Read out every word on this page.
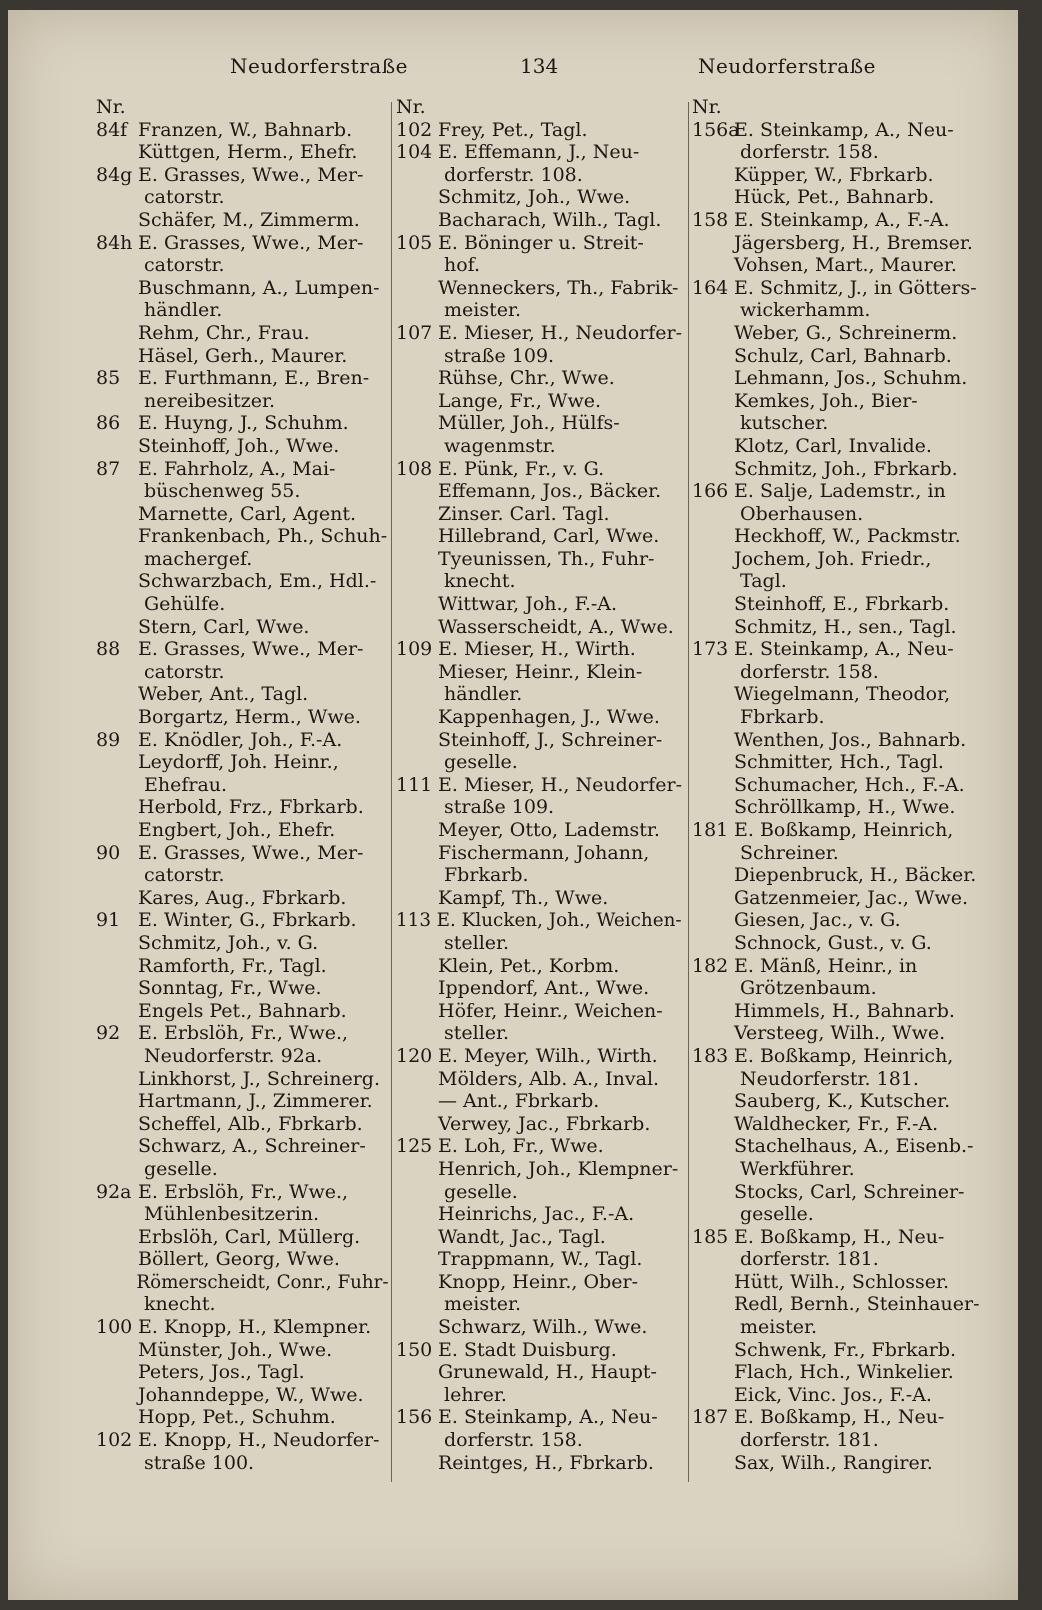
Neudorferstraße	134	Neudorferstraße
Nr.
84f Franzen, W., Bahnarb.
Küttgen, Herm., Ehefr.
84g E. Grasses, Wwe., Mer-
catorstr.
Schäfer, M., Zimmerm.
84h E. Grasses, Wwe., Mer-
catorstr.
Buschmann, A., Lumpen-
händler.
Rehm, Chr., Frau.
Häsel, Gerh., Maurer.
85 E. Furthmann, E., Bren-
nereibesitzer.
86 E. Huyng, J., Schuhm.
Steinhoff, Joh., Wwe.
87 E. Fahrholz, A., Mai-
büschenweg 55.
Marnette, Carl, Agent.
Frankenbach, Ph., Schuh-
machergef.
Schwarzbach, Em., Hdl.-
Gehülfe.
Stern, Carl, Wwe.
88 E. Grasses, Wwe., Mer-
catorstr.
Weber, Ant., Tagl.
Borgartz, Herm., Wwe.
89 E. Knödler, Joh., F.-A.
Leydorff, Joh. Heinr.,
Ehefrau.
Herbold, Frz., Fbrkarb.
Engbert, Joh., Ehefr.
90 E. Grasses, Wwe., Mer-
catorstr.
Kares, Aug., Fbrkarb.
91 E. Winter, G., Fbrkarb.
Schmitz, Joh., v. G.
Ramforth, Fr., Tagl.
Sonntag, Fr., Wwe.
Engels Pet., Bahnarb.
92 E. Erbslöh, Fr., Wwe.,
Neudorferstr. 92a.
Linkhorst, J., Schreinerg.
Hartmann, J., Zimmerer.
Scheffel, Alb., Fbrkarb.
Schwarz, A., Schreiner-
geselle.
92a E. Erbslöh, Fr., Wwe.,
Mühlenbesitzerin.
Erbslöh, Carl, Müllerg.
Böllert, Georg, Wwe.
Römerscheidt, Conr., Fuhr-
knecht.
100 E. Knopp, H., Klempner.
Münster, Joh., Wwe.
Peters, Jos., Tagl.
Johanndeppe, W., Wwe.
Hopp, Pet., Schuhm.
102 E. Knopp, H., Neudorfer-
straße 100.
Nr.
102 Frey, Pet., Tagl.
104 E. Effemann, J., Neu-
dorferstr. 108.
Schmitz, Joh., Wwe.
Bacharach, Wilh., Tagl.
105 E. Böninger u. Streit-
hof.
Wenneckers, Th., Fabrik-
meister.
107 E. Mieser, H., Neudorfer-
straße 109.
Rühse, Chr., Wwe.
Lange, Fr., Wwe.
Müller, Joh., Hülfs-
wagenmstr.
108 E. Pünk, Fr., v. G.
Effemann, Jos., Bäcker.
Zinser. Carl. Tagl.
Hillebrand, Carl, Wwe.
Tyeunissen, Th., Fuhr-
knecht.
Wittwar, Joh., F.-A.
Wasserscheidt, A., Wwe.
109 E. Mieser, H., Wirth.
Mieser, Heinr., Klein-
händler.
Kappenhagen, J., Wwe.
Steinhoff, J., Schreiner-
geselle.
111 E. Mieser, H., Neudorfer-
straße 109.
Meyer, Otto, Lademstr.
Fischermann, Johann,
Fbrkarb.
Kampf, Th., Wwe.
113 E. Klucken, Joh., Weichen-
steller.
Klein, Pet., Korbm.
Ippendorf, Ant., Wwe.
Höfer, Heinr., Weichen-
steller.
120 E. Meyer, Wilh., Wirth.
Mölders, Alb. A., Inval.
— Ant., Fbrkarb.
Verwey, Jac., Fbrkarb.
125 E. Loh, Fr., Wwe.
Henrich, Joh., Klempner-
geselle.
Heinrichs, Jac., F.-A.
Wandt, Jac., Tagl.
Trappmann, W., Tagl.
Knopp, Heinr., Ober-
meister.
Schwarz, Wilh., Wwe.
150 E. Stadt Duisburg.
Grunewald, H., Haupt-
lehrer.
156 E. Steinkamp, A., Neu-
dorferstr. 158.
Reintges, H., Fbrkarb.
Nr.
156aE. Steinkamp, A., Neu-
dorferstr. 158.
Küpper, W., Fbrkarb.
Hück, Pet., Bahnarb.
158 E. Steinkamp, A., F.-A.
Jägersberg, H., Bremser.
Vohsen, Mart., Maurer.
164 E. Schmitz, J., in Götters-
wickerhamm.
Weber, G., Schreinerm.
Schulz, Carl, Bahnarb.
Lehmann, Jos., Schuhm.
Kemkes, Joh., Bier-
kutscher.
Klotz, Carl, Invalide.
Schmitz, Joh., Fbrkarb.
166 E. Salje, Lademstr., in
Oberhausen.
Heckhoff, W., Packmstr.
Jochem, Joh. Friedr.,
Tagl.
Steinhoff, E., Fbrkarb.
Schmitz, H., sen., Tagl.
173 E. Steinkamp, A., Neu-
dorferstr. 158.
Wiegelmann, Theodor,
Fbrkarb.
Wenthen, Jos., Bahnarb.
Schmitter, Hch., Tagl.
Schumacher, Hch., F.-A.
Schröllkamp, H., Wwe.
181 E. Boßkamp, Heinrich,
Schreiner.
Diepenbruck, H., Bäcker.
Gatzenmeier, Jac., Wwe.
Giesen, Jac., v. G.
Schnock, Gust., v. G.
182 E. Mänß, Heinr., in
Grötzenbaum.
Himmels, H., Bahnarb.
Versteeg, Wilh., Wwe.
183 E. Boßkamp, Heinrich,
Neudorferstr. 181.
Sauberg, K., Kutscher.
Waldhecker, Fr., F.-A.
Stachelhaus, A., Eisenb.-
Werkführer.
Stocks, Carl, Schreiner-
geselle.
185 E. Boßkamp, H., Neu-
dorferstr. 181.
Hütt, Wilh., Schlosser.
Redl, Bernh., Steinhauer-
meister.
Schwenk, Fr., Fbrkarb.
Flach, Hch., Winkelier.
Eick, Vinc. Jos., F.-A.
187 E. Boßkamp, H., Neu-
dorferstr. 181.
Sax, Wilh., Rangirer.
